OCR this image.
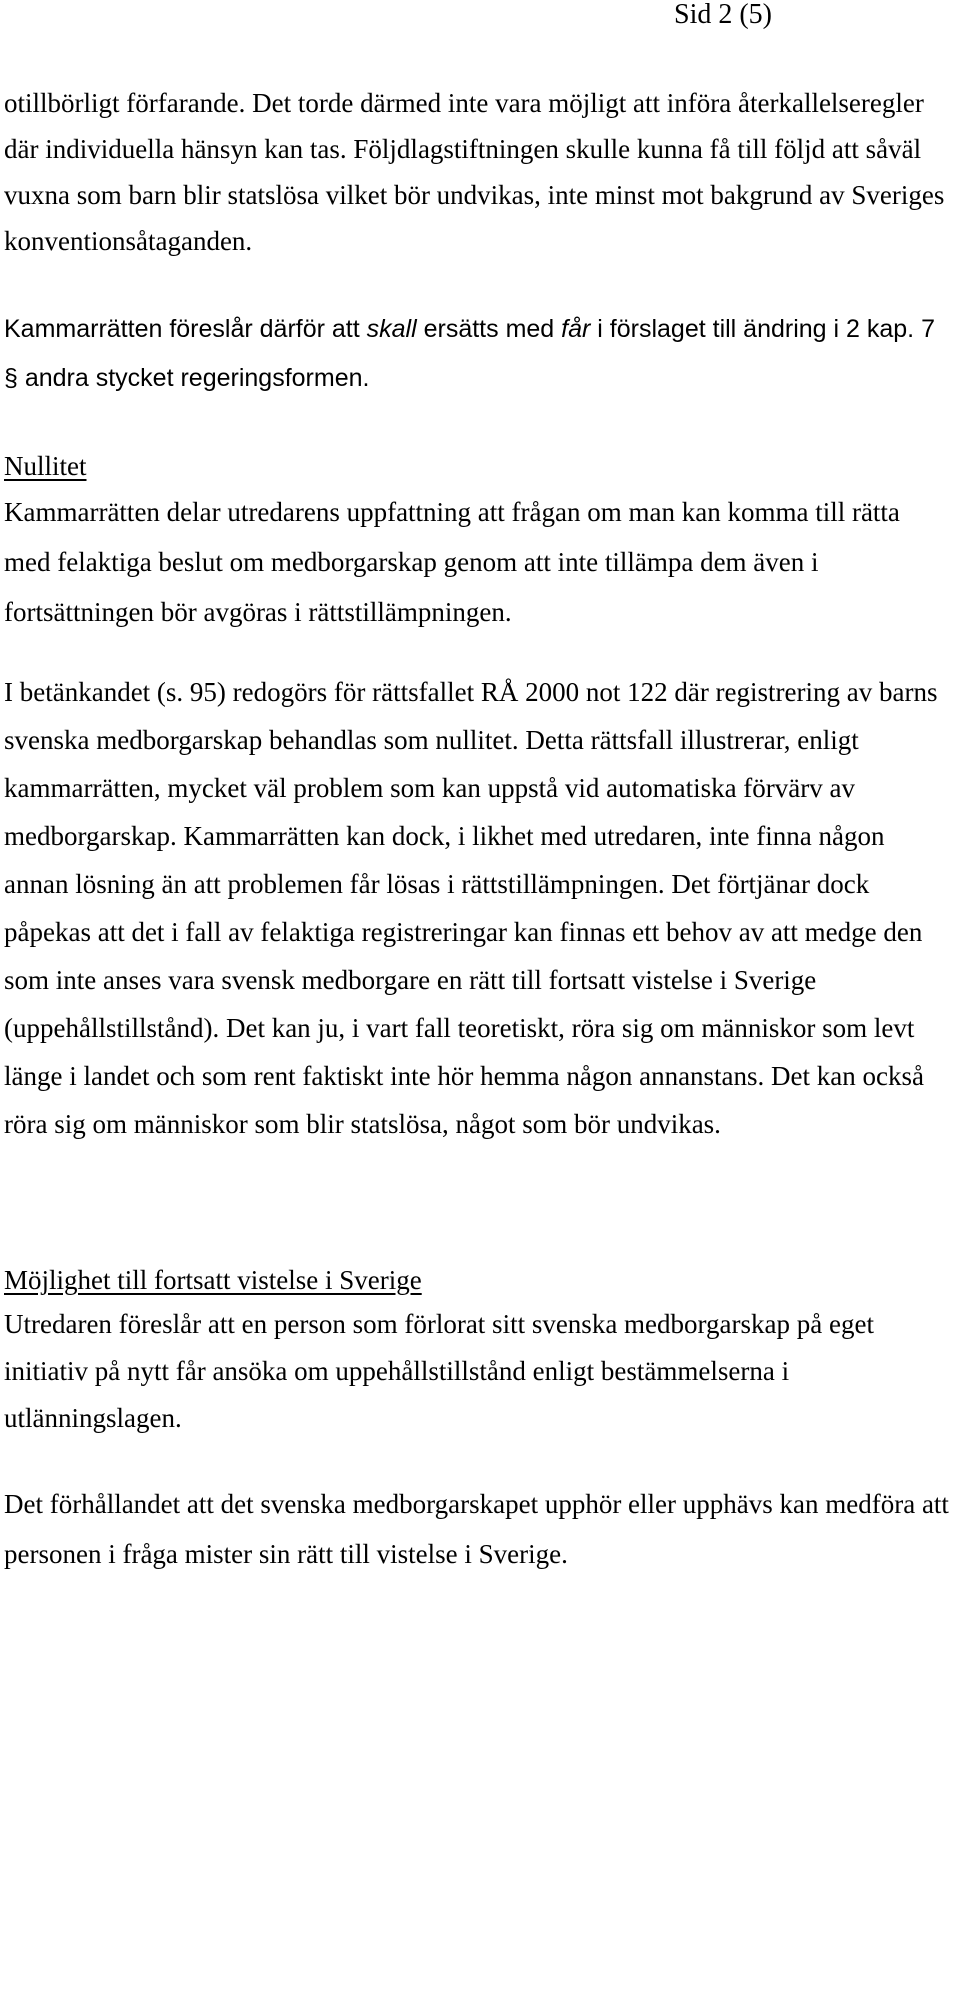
Sid 2 (5)

otillbörligt förfarande. Det torde därmed inte vara möjligt att införa återkallelseregler där individuella hänsyn kan tas. Följdlagstiftningen skulle kunna få till följd att såväl vuxna som barn blir statslösa vilket bör undvikas, inte minst mot bakgrund av Sveriges konventionsåtaganden.

Kammarrätten föreslår därför att skall ersätts med får i förslaget till ändring i 2 kap. 7 § andra stycket regeringsformen.

Nullitet

Kammarrätten delar utredarens uppfattning att frågan om man kan komma till rätta med felaktiga beslut om medborgarskap genom att inte tillämpa dem även i fortsättningen bör avgöras i rättstillämpningen.

I betänkandet (s. 95) redogörs för rättsfallet RÅ 2000 not 122 där registrering av barns svenska medborgarskap behandlas som nullitet. Detta rättsfall illustrerar, enligt kammarrätten, mycket väl problem som kan uppstå vid automatiska förvärv av medborgarskap. Kammarrätten kan dock, i likhet med utredaren, inte finna någon annan lösning än att problemen får lösas i rättstillämpningen. Det förtjänar dock påpekas att det i fall av felaktiga registreringar kan finnas ett behov av att medge den som inte anses vara svensk medborgare en rätt till fortsatt vistelse i Sverige (uppehållstillstånd). Det kan ju, i vart fall teoretiskt, röra sig om människor som levt länge i landet och som rent faktiskt inte hör hemma någon annanstans. Det kan också röra sig om människor som blir statslösa, något som bör undvikas.

Möjlighet till fortsatt vistelse i Sverige

Utredaren föreslår att en person som förlorat sitt svenska medborgarskap på eget initiativ på nytt får ansöka om uppehållstillstånd enligt bestämmelserna i utlänningslagen.

Det förhållandet att det svenska medborgarskapet upphör eller upphävs kan medföra att personen i fråga mister sin rätt till vistelse i Sverige.
